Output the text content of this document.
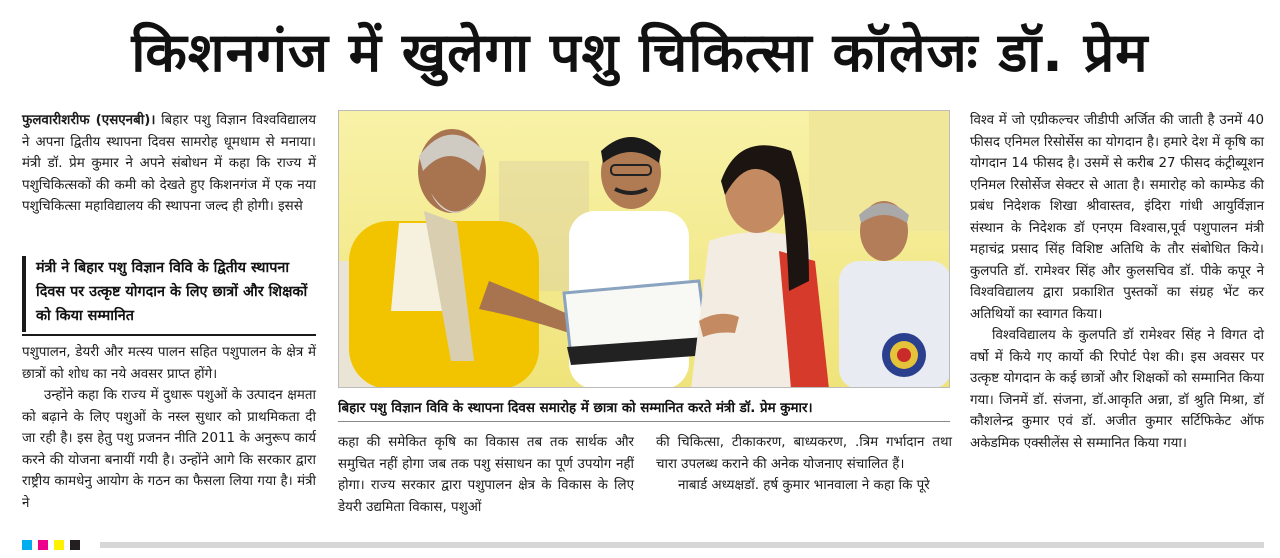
किशनगंज में खुलेगा पशु चिकित्सा कॉलेजः डॉ. प्रेम

फुलवारीशरीफ (एसएनबी)। बिहार पशु विज्ञान विश्वविद्यालय ने अपना द्वितीय स्थापना दिवस सामरोह धूमधाम से मनाया। मंत्री डॉ. प्रेम कुमार ने अपने संबोधन में कहा कि राज्य में पशुचिकित्सकों की कमी को देखते हुए किशनगंज में एक नया पशुचिकित्सा महाविद्यालय की स्थापना जल्द ही होगी। इससे

मंत्री ने बिहार पशु विज्ञान विवि के द्वितीय स्थापना दिवस पर उत्कृष्ट योगदान के लिए छात्रों और शिक्षकों को किया सम्मानित

पशुपालन, डेयरी और मत्स्य पालन सहित पशुपालन के क्षेत्र में छात्रों को शोध का नये अवसर प्राप्त होंगे।

उन्होंने कहा कि राज्य में दुधारू पशुओं के उत्पादन क्षमता को बढ़ाने के लिए पशुओं के नस्ल सुधार को प्राथमिकता दी जा रही है। इस हेतु पशु प्रजनन नीति 2011 के अनुरूप कार्य करने की योजना बनायीं गयी है। उन्होंने आगे कि सरकार द्वारा राष्ट्रीय कामधेनु आयोग के गठन का फैसला लिया गया है। मंत्री ने

बिहार पशु विज्ञान विवि के स्थापना दिवस समारोह में छात्रा को सम्मानित करते मंत्री डॉ. प्रेम कुमार।

कहा की समेकित कृषि का विकास तब तक सार्थक और समुचित नहीं होगा जब तक पशु संसाधन का पूर्ण उपयोग नहीं होगा। राज्य सरकार द्वारा पशुपालन क्षेत्र के विकास के लिए डेयरी उद्यमिता विकास, पशुओं

की चिकित्सा, टीकाकरण, बाध्यकरण, .त्रिम गर्भादान तथा चारा उपलब्ध कराने की अनेक योजनाए संचालित हैं।

नाबार्ड अध्यक्षडॉ. हर्ष कुमार भानवाला ने कहा कि पूरे

विश्व में जो एग्रीकल्चर जीडीपी अर्जित की जाती है उनमें 40 फीसद एनिमल रिसोर्सेस का योगदान है। हमारे देश में कृषि का योगदान 14 फीसद है। उसमें से करीब 27 फीसद कंट्रीब्यूशन एनिमल रिसोर्सेज सेक्टर से आता है। समारोह को काम्फेड की प्रबंध निदेशक शिखा श्रीवास्तव, इंदिरा गांधी आयुर्विज्ञान संस्थान के निदेशक डॉ एनएम विश्वास,पूर्व पशुपालन मंत्री महाचंद्र प्रसाद सिंह विशिष्ट अतिथि के तौर संबोधित किये। कुलपति डॉ. रामेश्वर सिंह और कुलसचिव डॉ. पीके कपूर ने विश्वविद्यालय द्वारा प्रकाशित पुस्तकों का संग्रह भेंट कर अतिथियों का स्वागत किया।

विश्वविद्यालय के कुलपति डॉ रामेश्वर सिंह ने विगत दो वर्षो में किये गए कार्यो की रिपोर्ट पेश की। इस अवसर पर उत्कृष्ट योगदान के कई छात्रों और शिक्षकों को सम्मानित किया गया। जिनमें डॉ. संजना, डॉ.आकृति अन्ना, डॉ श्रुति मिश्रा, डॉ कौशलेन्द्र कुमार एवं डॉ. अजीत कुमार सर्टिफिकेट ऑफ अकेडमिक एक्सीलेंस से सम्मानित किया गया।
